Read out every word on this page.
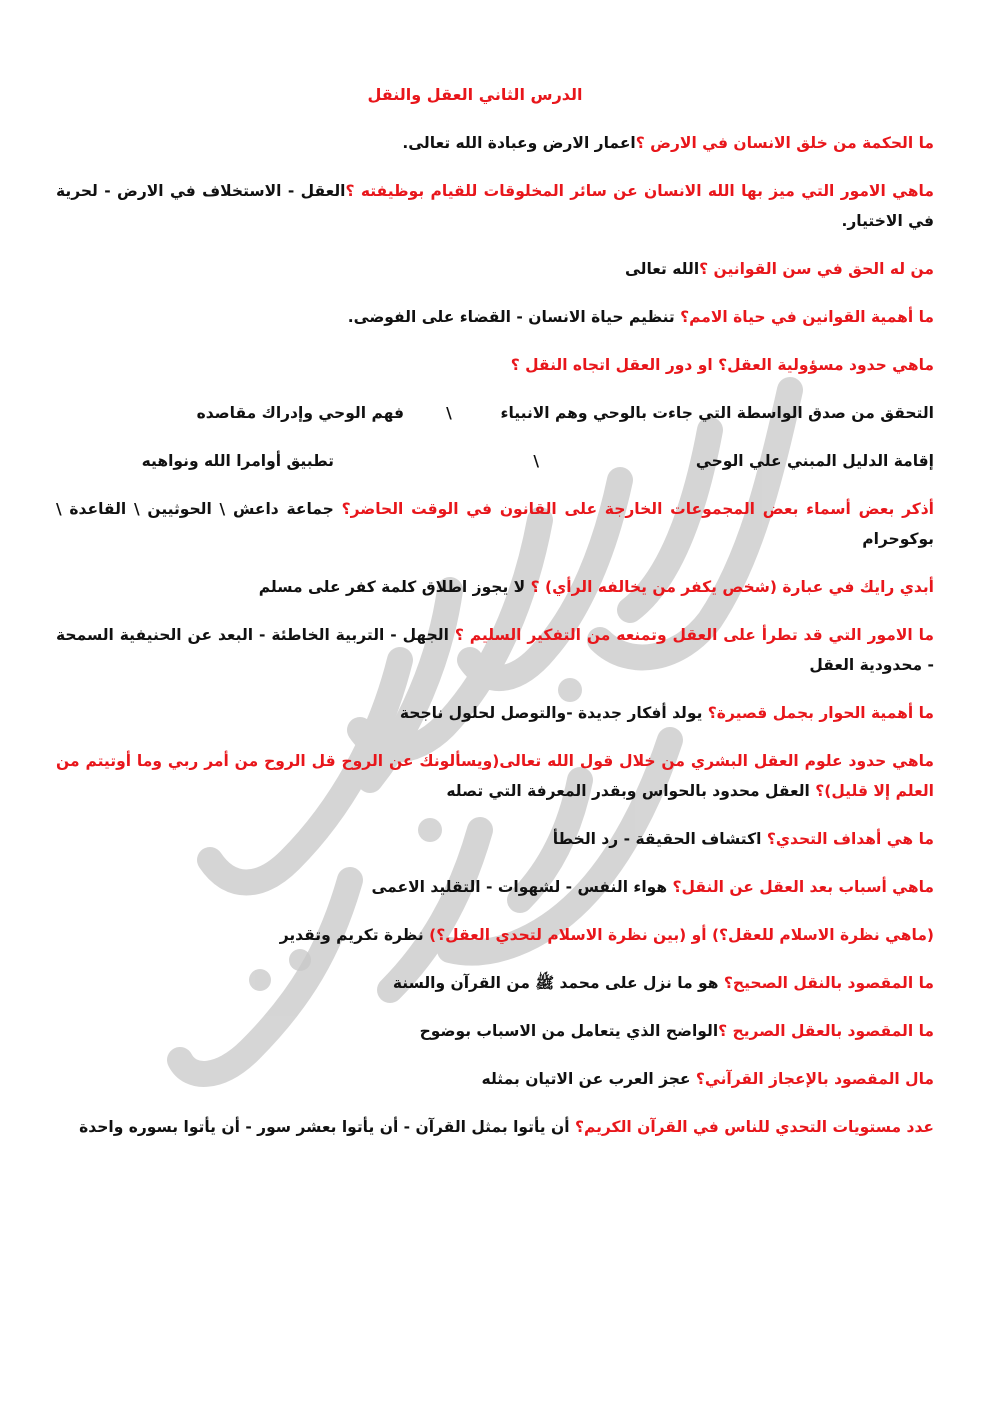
الدرس الثاني العقل والنقل
ما الحكمة من خلق الانسان في الارض ؟اعمار الارض وعبادة الله تعالى.
ماهي الامور التي ميز بها الله الانسان عن سائر المخلوقات للقيام بوظيفته ؟العقل - الاستخلاف في الارض - لحرية في الاختيار.
من له الحق في سن القوانين ؟الله تعالى
ما أهمية القوانين في حياة الامم؟ تنظيم حياة الانسان - القضاء على الفوضى.
ماهي حدود مسؤولية العقل؟ او دور العقل اتجاه النقل ؟
التحقق من صدق الواسطة التي جاءت بالوحي وهم الانبياء
\
فهم الوحي وإدراك مقاصده
إقامة الدليل المبني علي الوحي
\
تطبيق أوامرا الله ونواهيه
أذكر بعض أسماء بعض المجموعات الخارجة على القانون في الوقت الحاضر؟ جماعة داعش \ الحوثيين \ القاعدة \ بوكوحرام
أبدي رايك في عبارة (شخص يكفر من يخالفه الرأي) ؟ لا يجوز اطلاق كلمة كفر على مسلم
ما الامور التي قد تطرأ على العقل وتمنعه من التفكير السليم ؟ الجهل - التربية الخاطئة - البعد عن الحنيفية السمحة - محدودية العقل
ما أهمية الحوار بجمل قصيرة؟ يولد أفكار جديدة -والتوصل لحلول ناجحة
ماهي حدود علوم العقل البشري من خلال قول الله تعالى(ويسألونك عن الروح قل الروح من أمر ربي وما أوتيتم من العلم إلا قليل)؟ العقل محدود بالحواس وبقدر المعرفة التي تصله
ما هي أهداف التحدي؟ اكتشاف الحقيقة - رد الخطأ
ماهي أسباب بعد العقل عن النقل؟ هواء النفس - لشهوات - التقليد الاعمى
(ماهي نظرة الاسلام للعقل؟) أو (بين نظرة الاسلام لتحدي العقل؟) نظرة تكريم وتقدير
ما المقصود بالنقل الصحيح؟ هو ما نزل على محمد ﷺ من القرآن والسنة
ما المقصود بالعقل الصريح ؟الواضح الذي يتعامل من الاسباب بوضوح
مال المقصود بالإعجاز القرآني؟ عجز العرب عن الاتيان بمثله
عدد مستويات التحدي للناس في القرآن الكريم؟ أن يأتوا بمثل القرآن - أن يأتوا بعشر سور - أن يأتوا بسوره واحدة
